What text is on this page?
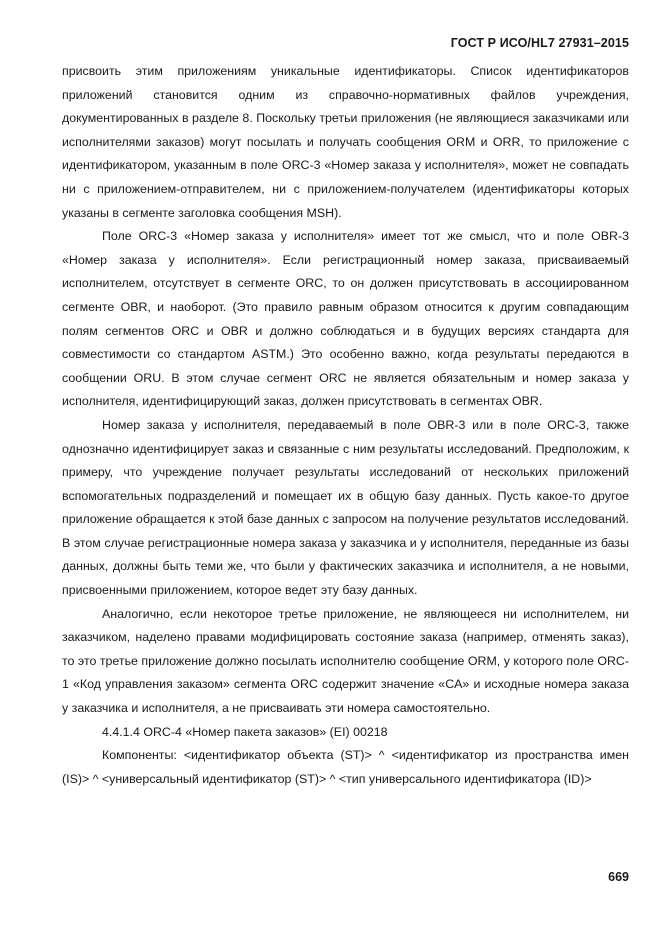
ГОСТ Р ИСО/HL7 27931–2015

присвоить этим приложениям уникальные идентификаторы. Список идентификаторов приложений становится одним из справочно-нормативных файлов учреждения, документированных в разделе 8. Поскольку третьи приложения (не являющиеся заказчиками или исполнителями заказов) могут посылать и получать сообщения ORM и ORR, то приложение с идентификатором, указанным в поле ORC-3 «Номер заказа у исполнителя», может не совпадать ни с приложением-отправителем, ни с приложением-получателем (идентификаторы которых указаны в сегменте заголовка сообщения MSH).

Поле ORC-3 «Номер заказа у исполнителя» имеет тот же смысл, что и поле OBR-3 «Номер заказа у исполнителя». Если регистрационный номер заказа, присваиваемый исполнителем, отсутствует в сегменте ORC, то он должен присутствовать в ассоциированном сегменте OBR, и наоборот. (Это правило равным образом относится к другим совпадающим полям сегментов ORC и OBR и должно соблюдаться и в будущих версиях стандарта для совместимости со стандартом ASTM.) Это особенно важно, когда результаты передаются в сообщении ORU. В этом случае сегмент ORC не является обязательным и номер заказа у исполнителя, идентифицирующий заказ, должен присутствовать в сегментах OBR.

Номер заказа у исполнителя, передаваемый в поле OBR-3 или в поле ORC-3, также однозначно идентифицирует заказ и связанные с ним результаты исследований. Предположим, к примеру, что учреждение получает результаты исследований от нескольких приложений вспомогательных подразделений и помещает их в общую базу данных. Пусть какое-то другое приложение обращается к этой базе данных с запросом на получение результатов исследований. В этом случае регистрационные номера заказа у заказчика и у исполнителя, переданные из базы данных, должны быть теми же, что были у фактических заказчика и исполнителя, а не новыми, присвоенными приложением, которое ведет эту базу данных.

Аналогично, если некоторое третье приложение, не являющееся ни исполнителем, ни заказчиком, наделено правами модифицировать состояние заказа (например, отменять заказ), то это третье приложение должно посылать исполнителю сообщение ORM, у которого поле ORC-1 «Код управления заказом» сегмента ORC содержит значение «CA» и исходные номера заказа у заказчика и исполнителя, а не присваивать эти номера самостоятельно.

4.4.1.4 ORC-4 «Номер пакета заказов» (EI) 00218

Компоненты: <идентификатор объекта (ST)> ^ <идентификатор из пространства имен (IS)> ^ <универсальный идентификатор (ST)> ^ <тип универсального идентификатора (ID)>

669
